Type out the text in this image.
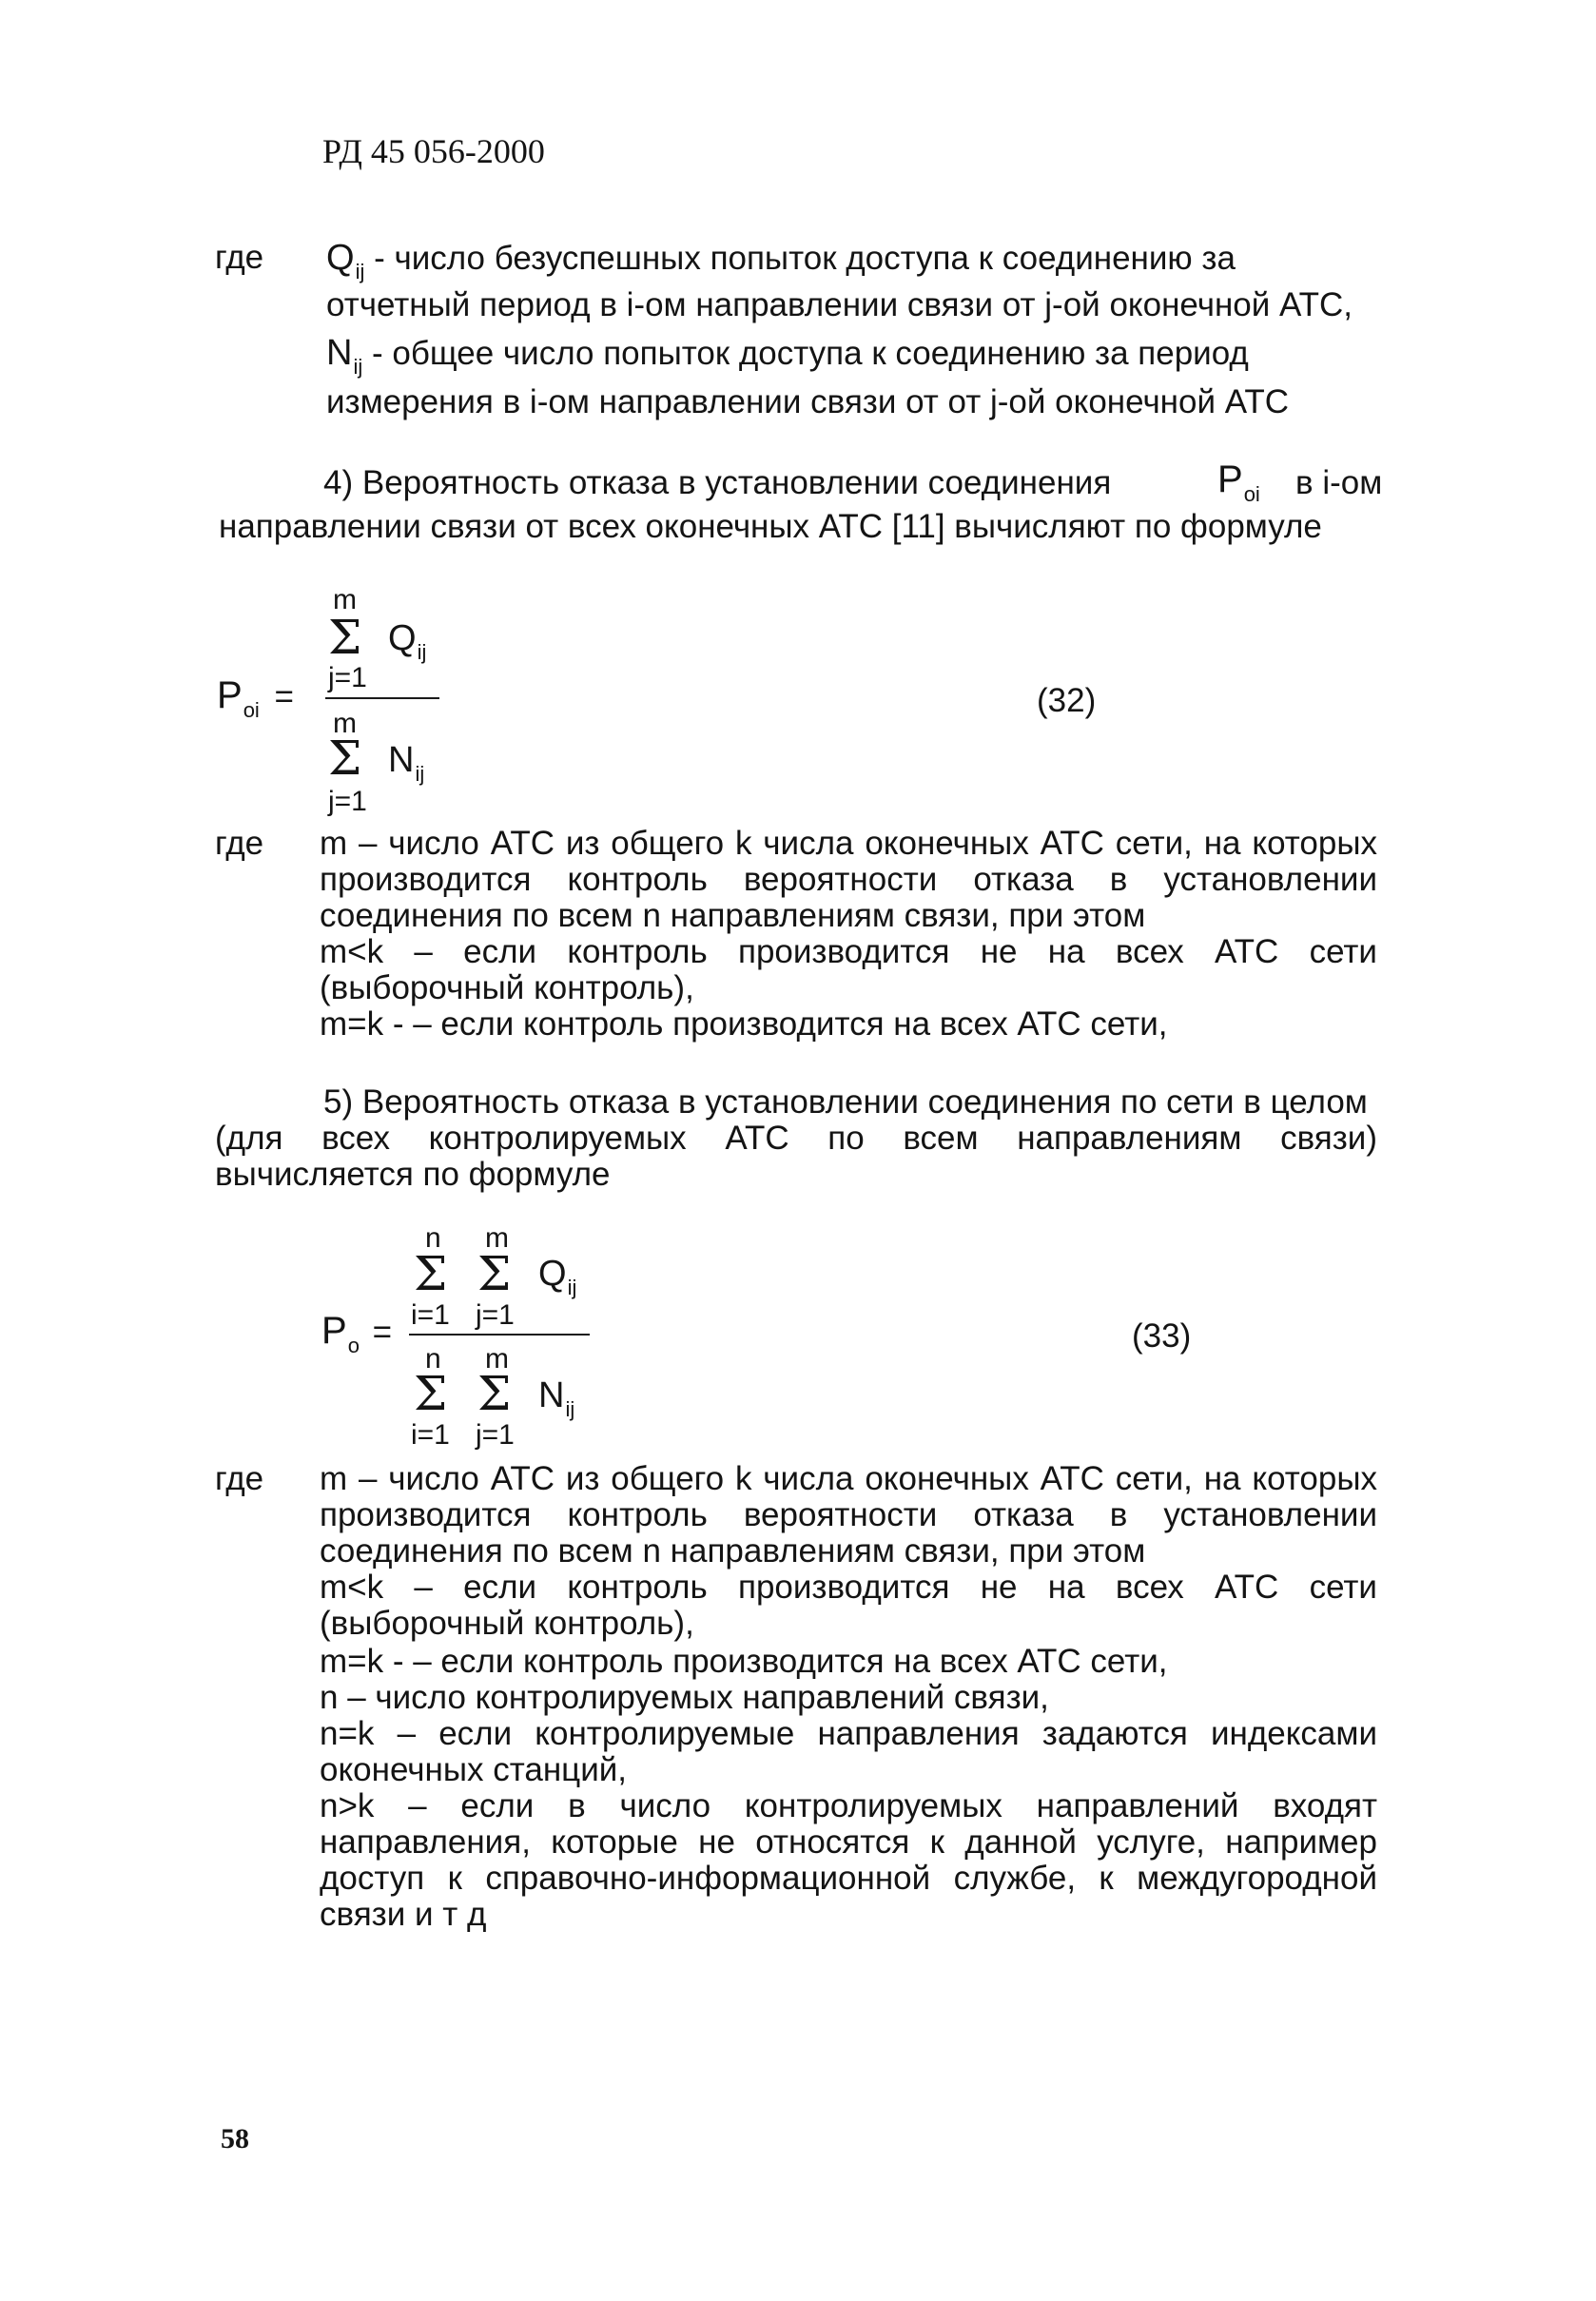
РД 45 056-2000
где $Q_{ij}$ - число безуспешных попыток доступа к соединению за
отчетный период в i-ом направлении связи от j-ой оконечной АТС,
$N_{ij}$ - общее число попыток доступа к соединению за период
измерения в i-ом направлении связи от от j-ой оконечной АТС
4) Вероятность отказа в установлении соединения	$P_{oi}$ в i-ом
направлении связи от всех оконечных АТС [11] вычисляют по формуле
m
Σ $Q_{ij}$
j=1
$P_{oi}$ =	(32)
m
Σ $N_{ij}$
j=1
где m – число АТС из общего k числа оконечных АТС сети, на которых
производится контроль вероятности отказа в установлении
соединения по всем n направлениям связи, при этом
m<k – если контроль производится не на всех АТС сети
(выборочный контроль),
m=k - – если контроль производится на всех АТС сети,
5) Вероятность отказа в установлении соединения по сети в целом
(для всех контролируемых АТС по всем направлениям связи)
вычисляется по формуле
n m
Σ Σ $Q_{ij}$
i=1 j=1
$P_o$ =	(33)
n m
Σ Σ $N_{ij}$
i=1 j=1
где m – число АТС из общего k числа оконечных АТС сети, на которых
производится контроль вероятности отказа в установлении
соединения по всем n направлениям связи, при этом
m<k – если контроль производится не на всех АТС сети
(выборочный контроль),
m=k - – если контроль производится на всех АТС сети,
n – число контролируемых направлений связи,
n=k – если контролируемые направления задаются индексами
оконечных станций,
n>k – если в число контролируемых направлений входят
направления, которые не относятся к данной услуге, например
доступ к справочно-информационной службе, к междугородной
связи и т д
58
